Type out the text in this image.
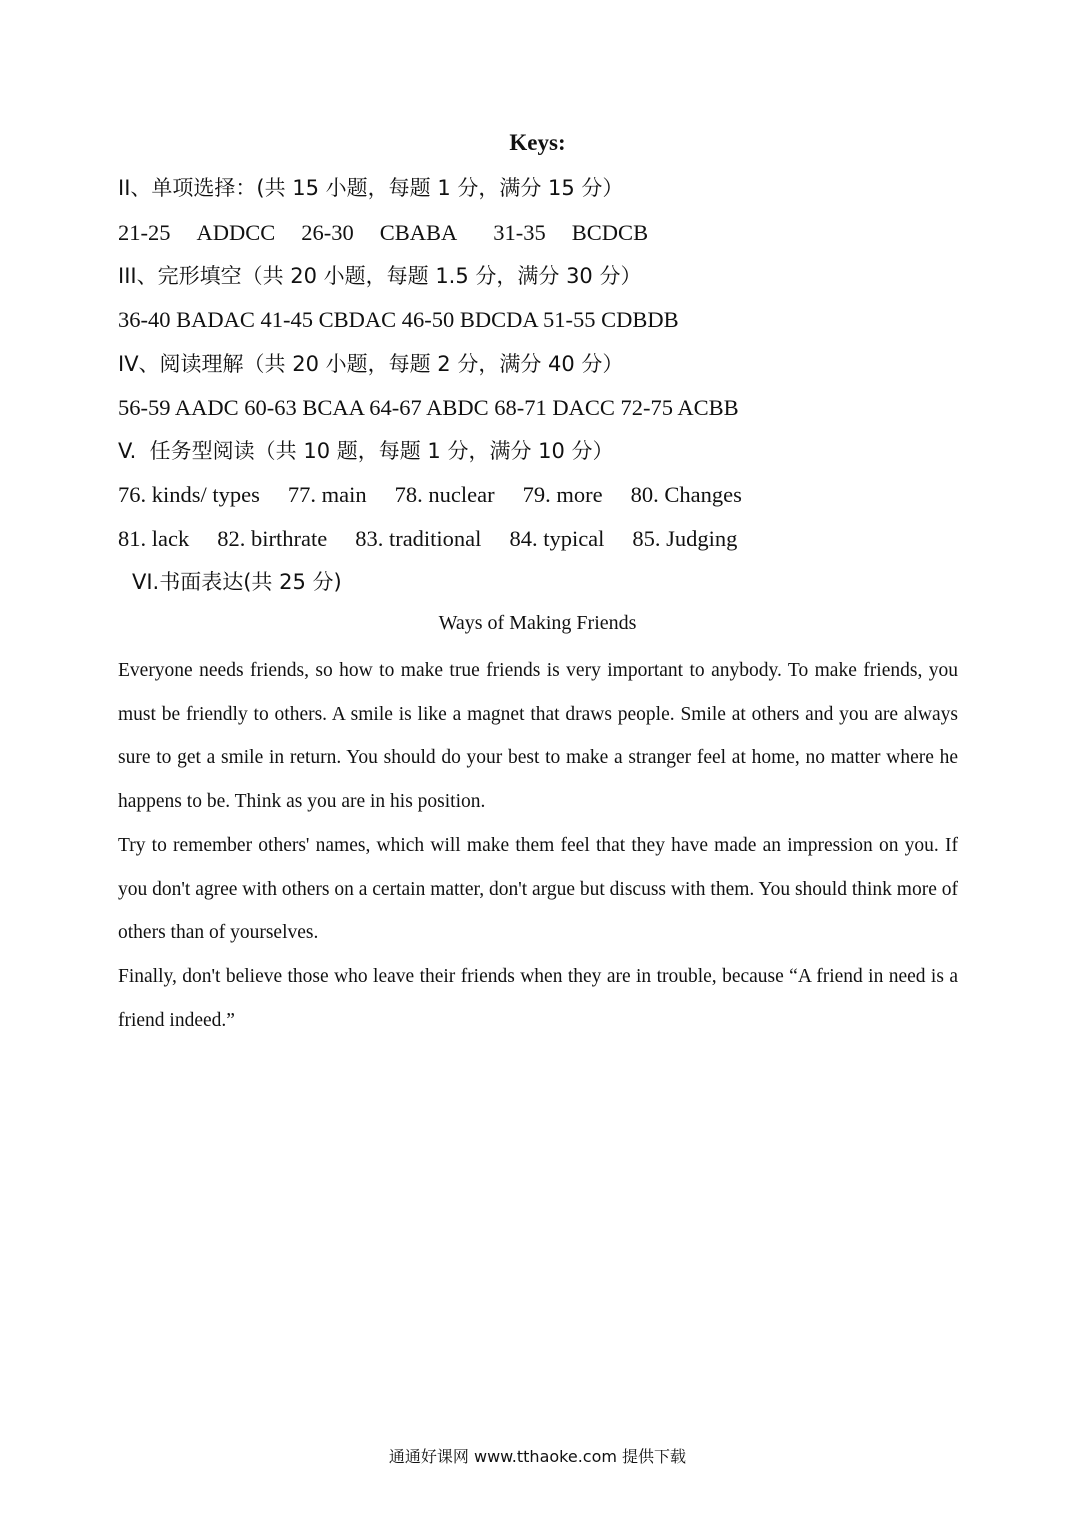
Keys:
II、单项选择：(共 15 小题，每题 1 分，满分 15 分）
21-25 ADDCC 26-30 CBABA 31-35 BCDCB
III、完形填空（共 20 小题，每题 1.5 分，满分 30 分）
36-40 BADAC 41-45 CBDAC 46-50 BDCDA 51-55 CDBDB
IV、阅读理解（共 20 小题，每题 2 分，满分 40 分）
56-59 AADC 60-63 BCAA 64-67 ABDC 68-71 DACC 72-75 ACBB
V.  任务型阅读（共 10 题，每题 1 分，满分 10 分）
76. kinds/ types 77. main 78. nuclear 79. more 80. Changes
81. lack 82. birthrate 83. traditional 84. typical 85. Judging
VI.书面表达(共 25 分)
Ways of Making Friends
Everyone needs friends, so how to make true friends is very important to anybody. To make friends, you must be friendly to others. A smile is like a magnet that draws people. Smile at others and you are always sure to get a smile in return. You should do your best to make a stranger feel at home, no matter where he happens to be. Think as you are in his position.
Try to remember others' names, which will make them feel that they have made an impression on you. If you don't agree with others on a certain matter, don't argue but discuss with them. You should think more of others than of yourselves.
Finally, don't believe those who leave their friends when they are in trouble, because “A friend in need is a friend indeed.”
通通好课网 www.tthaoke.com 提供下载
